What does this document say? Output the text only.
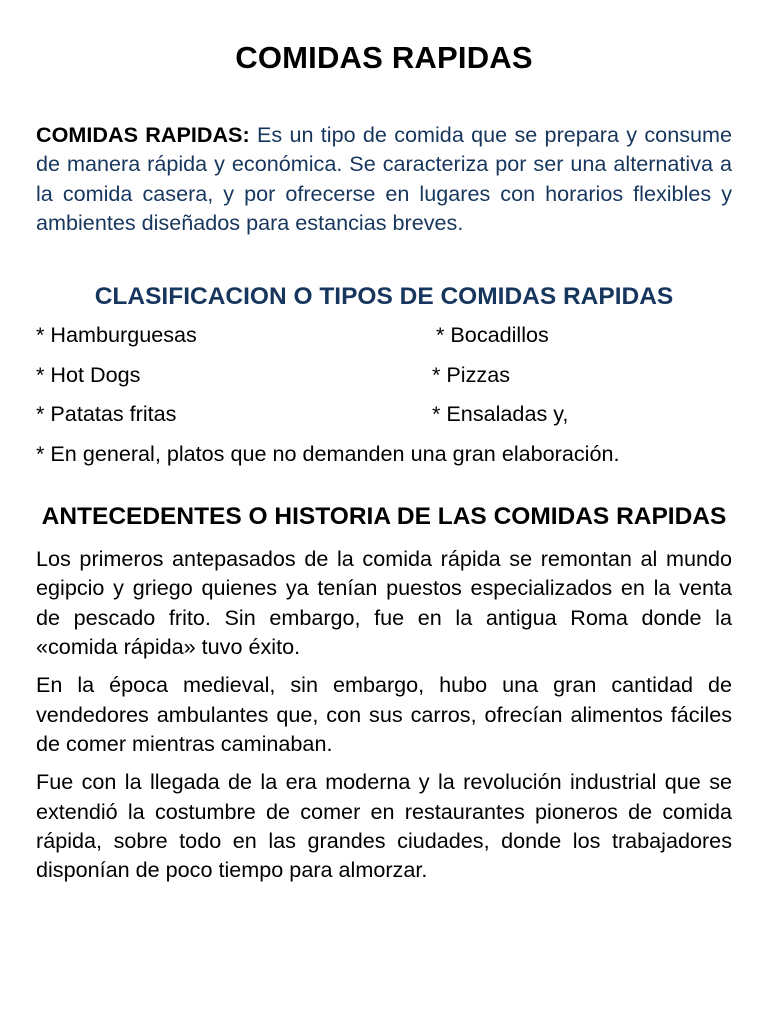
COMIDAS RAPIDAS

COMIDAS RAPIDAS: Es un tipo de comida que se prepara y consume de manera rápida y económica. Se caracteriza por ser una alternativa a la comida casera, y por ofrecerse en lugares con horarios flexibles y ambientes diseñados para estancias breves.

CLASIFICACION O TIPOS DE COMIDAS RAPIDAS
* Hamburguesas	* Bocadillos
* Hot Dogs	* Pizzas
* Patatas fritas	* Ensaladas y,
* En general, platos que no demanden una gran elaboración.
ANTECEDENTES O HISTORIA DE LAS COMIDAS RAPIDAS

Los primeros antepasados de la comida rápida se remontan al mundo egipcio y griego quienes ya tenían puestos especializados en la venta de pescado frito. Sin embargo, fue en la antigua Roma donde la «comida rápida» tuvo éxito.

En la época medieval, sin embargo, hubo una gran cantidad de vendedores ambulantes que, con sus carros, ofrecían alimentos fáciles de comer mientras caminaban.

Fue con la llegada de la era moderna y la revolución industrial que se extendió la costumbre de comer en restaurantes pioneros de comida rápida, sobre todo en las grandes ciudades, donde los trabajadores disponían de poco tiempo para almorzar.
